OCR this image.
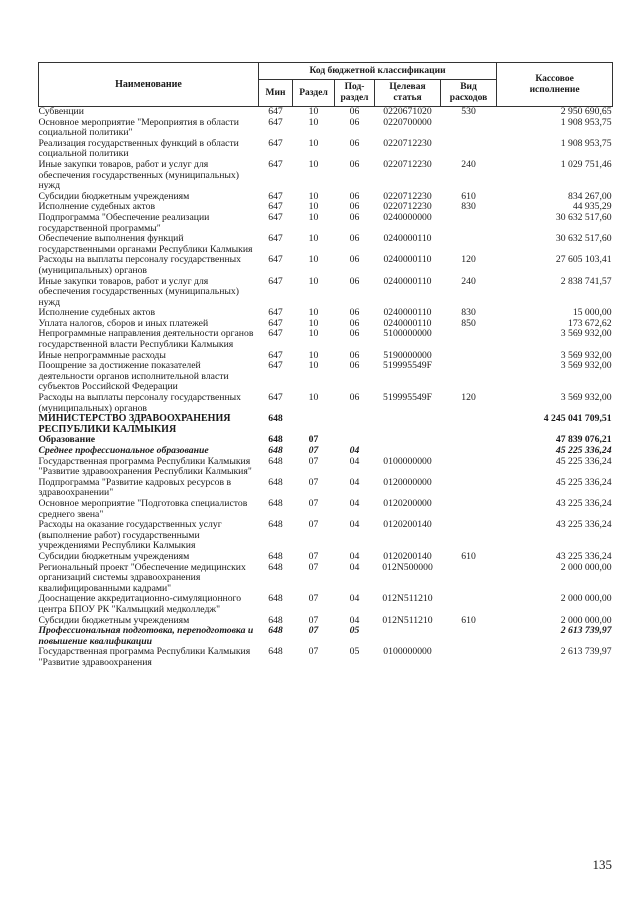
Наименование	Код бюджетной классификации					Кассовое
исполнение
	Мин	Раздел	Под-
раздел	Целевая
статья	Вид
расходов	
Субвенции	647	10	06	0220671020	530	2 950 690,65
Основное мероприятие "Мероприятия в области социальной политики"	647	10	06	0220700000		1 908 953,75
Реализация государственных функций в области социальной политики	647	10	06	0220712230		1 908 953,75
Иные закупки товаров, работ и услуг для обеспечения государственных (муниципальных) нужд	647	10	06	0220712230	240	1 029 751,46
Субсидии бюджетным учреждениям	647	10	06	0220712230	610	834 267,00
Исполнение судебных актов	647	10	06	0220712230	830	44 935,29
Подпрограмма "Обеспечение реализации государственной программы"	647	10	06	0240000000		30 632 517,60
Обеспечение выполнения функций государственными органами Республики Калмыкия	647	10	06	0240000110		30 632 517,60
Расходы на выплаты персоналу государственных (муниципальных) органов	647	10	06	0240000110	120	27 605 103,41
Иные закупки товаров, работ и услуг для обеспечения государственных (муниципальных) нужд	647	10	06	0240000110	240	2 838 741,57
Исполнение судебных актов	647	10	06	0240000110	830	15 000,00
Уплата налогов, сборов и иных платежей	647	10	06	0240000110	850	173 672,62
Непрограммные направления деятельности органов государственной власти Республики Калмыкия	647	10	06	5100000000		3 569 932,00
Иные непрограммные расходы	647	10	06	5190000000		3 569 932,00
Поощрение за достижение показателей деятельности органов исполнительной власти субъектов Российской Федерации	647	10	06	519995549F		3 569 932,00
Расходы на выплаты персоналу государственных (муниципальных) органов	647	10	06	519995549F	120	3 569 932,00
МИНИСТЕРСТВО ЗДРАВООХРАНЕНИЯ РЕСПУБЛИКИ КАЛМЫКИЯ	648					4 245 041 709,51
Образование	648	07				47 839 076,21
Среднее профессиональное образование	648	07	04			45 225 336,24
Государственная программа Республики Калмыкия "Развитие здравоохранения Республики Калмыкия"	648	07	04	0100000000		45 225 336,24
Подпрограмма "Развитие кадровых ресурсов в здравоохранении"	648	07	04	0120000000		45 225 336,24
Основное мероприятие "Подготовка специалистов среднего звена"	648	07	04	0120200000		43 225 336,24
Расходы на оказание государственных услуг (выполнение работ) государственными учреждениями Республики Калмыкия	648	07	04	0120200140		43 225 336,24
Субсидии бюджетным учреждениям	648	07	04	0120200140	610	43 225 336,24
Региональный проект "Обеспечение медицинских организаций системы здравоохранения квалифицированными кадрами"	648	07	04	012N500000		2 000 000,00
Дооснащение аккредитационно-симуляционного центра БПОУ РК "Калмыцкий медколледж"	648	07	04	012N511210		2 000 000,00
Субсидии бюджетным учреждениям	648	07	04	012N511210	610	2 000 000,00
Профессиональная подготовка, переподготовка и повышение квалификации	648	07	05			2 613 739,97
Государственная программа Республики Калмыкия "Развитие здравоохранения	648	07	05	0100000000		2 613 739,97
135
